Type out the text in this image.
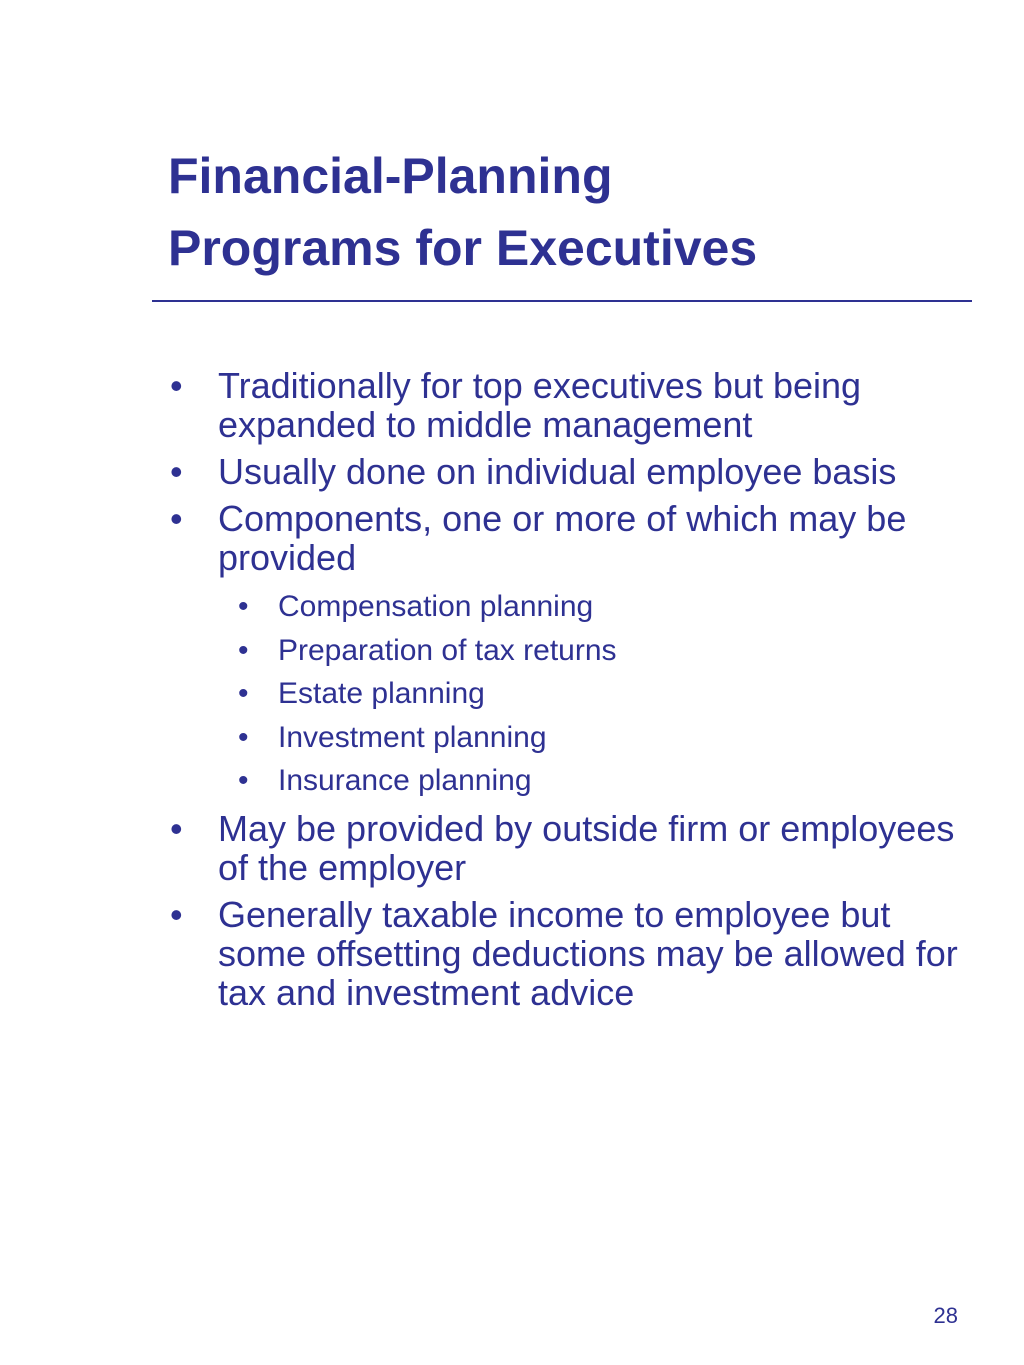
Financial-Planning
Programs for Executives
• Traditionally for top executives but being expanded to middle management
• Usually done on individual employee basis
• Components, one or more of which may be provided
• Compensation planning
• Preparation of tax returns
• Estate planning
• Investment planning
• Insurance planning
• May be provided by outside firm or employees of the employer
• Generally taxable income to employee but some offsetting deductions may be allowed for tax and investment advice
28
